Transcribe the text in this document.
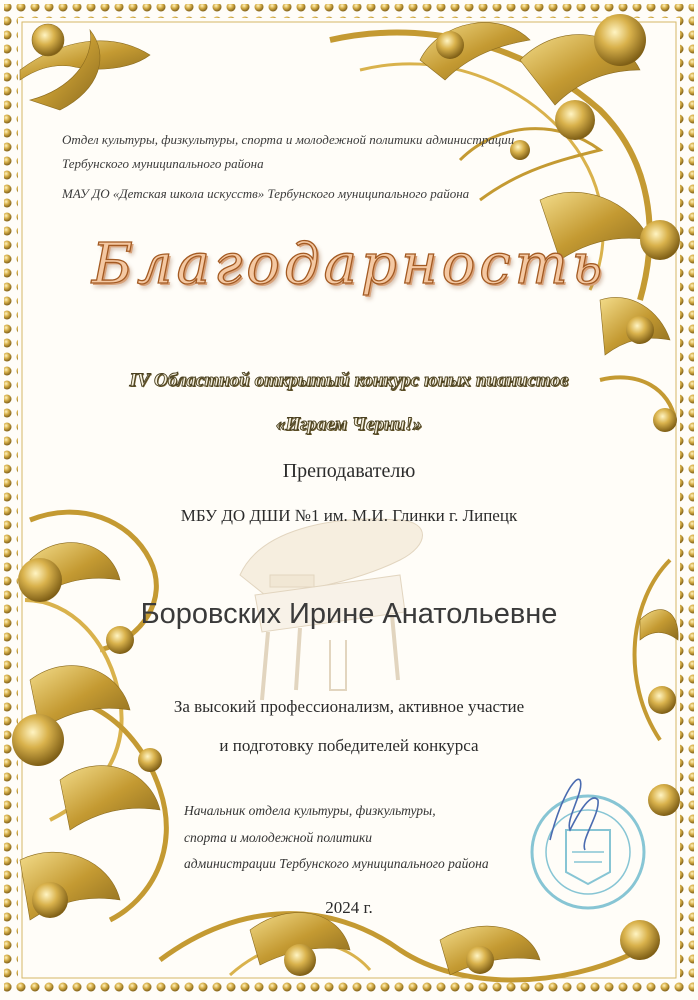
Отдел культуры, физкультуры, спорта и молодежной политики администрации
Тербунского муниципального района
МАУ ДО «Детская школа искусств» Тербунского муниципального района
Благодарность
IV Областной открытый конкурс юных пианистов
«Играем Черни!»
Преподавателю
МБУ ДО ДШИ №1 им. М.И. Глинки г. Липецк
Боровских Ирине Анатольевне
За высокий профессионализм, активное участие
и подготовку победителей конкурса
Начальник отдела культуры, физкультуры,
спорта и молодежной политики
администрации Тербунского муниципального района
2024 г.
